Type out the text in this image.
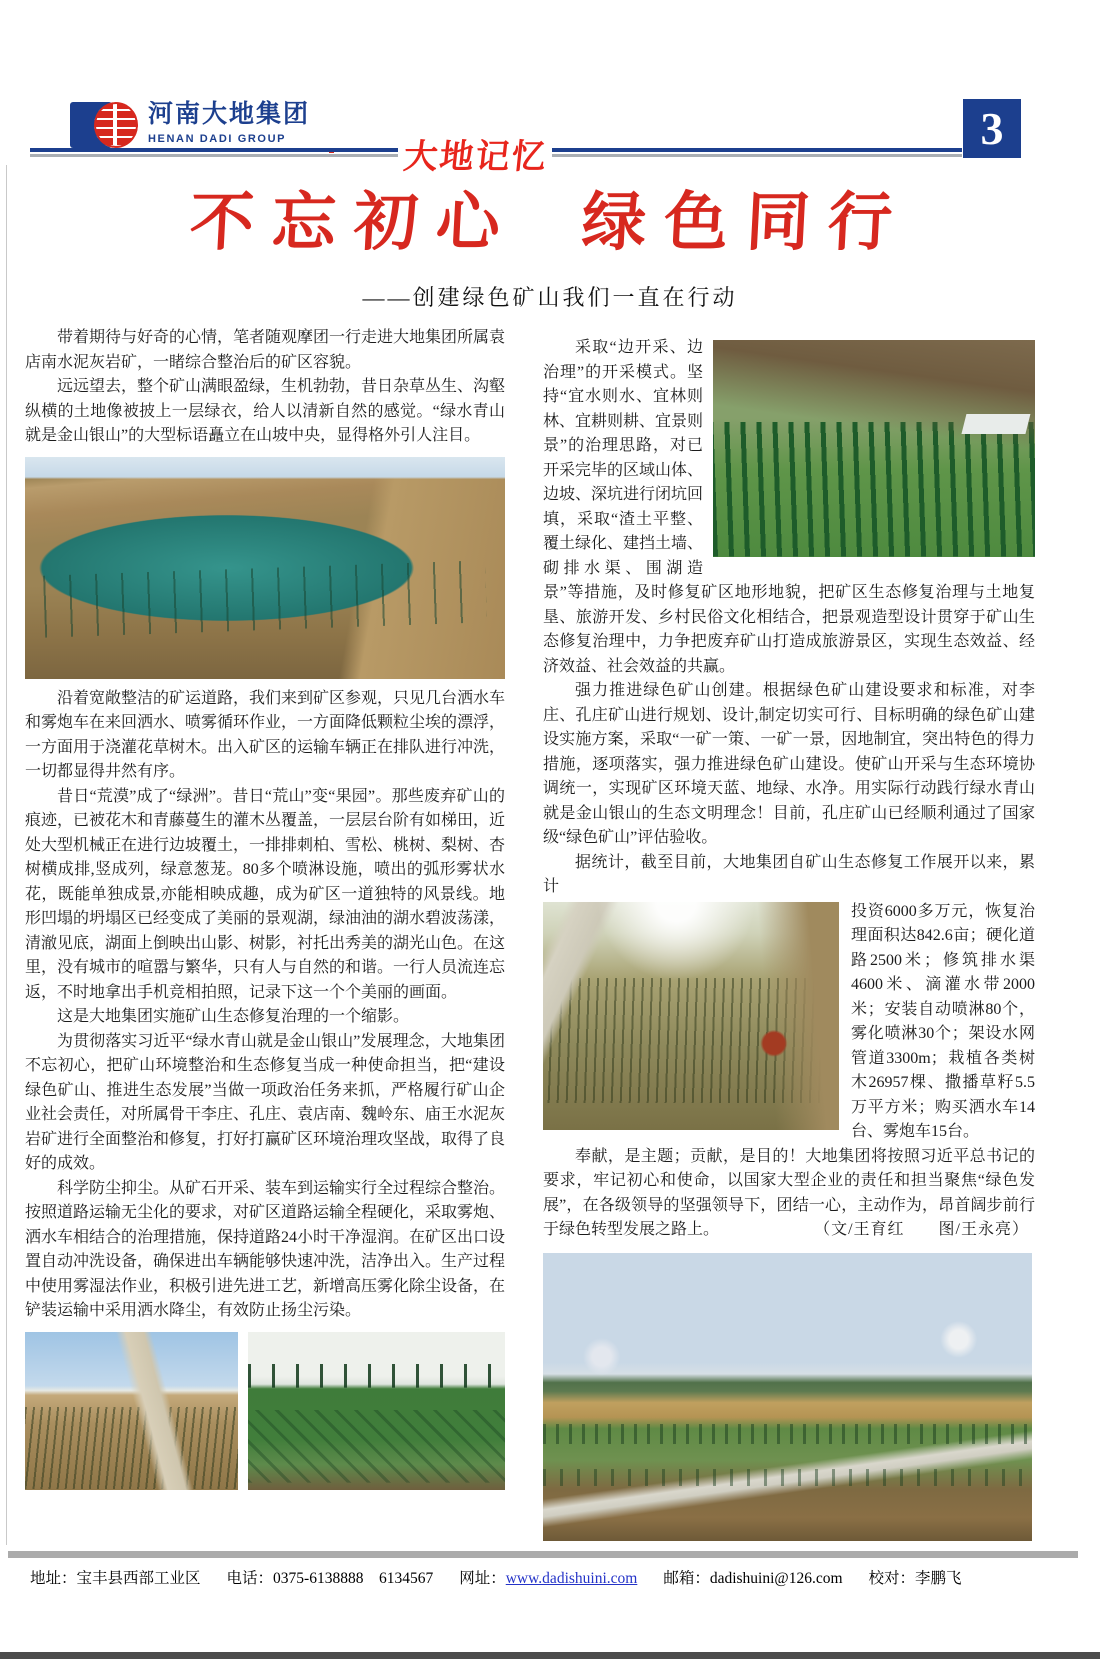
河南大地集团
HENAN DADI GROUP	大地记忆
3
不忘初心 绿色同行
——创建绿色矿山我们一直在行动

带着期待与好奇的心情，笔者随观摩团一行走进大地集团所属袁店南水泥灰岩矿，一睹综合整治后的矿区容貌。

远远望去，整个矿山满眼盈绿，生机勃勃，昔日杂草丛生、沟壑纵横的土地像被披上一层绿衣，给人以清新自然的感觉。“绿水青山就是金山银山”的大型标语矗立在山坡中央，显得格外引人注目。

沿着宽敞整洁的矿运道路，我们来到矿区参观，只见几台洒水车和雾炮车在来回洒水、喷雾循环作业，一方面降低颗粒尘埃的漂浮，一方面用于浇灌花草树木。出入矿区的运输车辆正在排队进行冲洗，一切都显得井然有序。

昔日“荒漠”成了“绿洲”。昔日“荒山”变“果园”。那些废弃矿山的痕迹，已被花木和青藤蔓生的灌木丛覆盖，一层层台阶有如梯田，近处大型机械正在进行边坡覆土，一排排刺柏、雪松、桃树、梨树、杏树横成排,竖成列，绿意葱茏。80多个喷淋设施，喷出的弧形雾状水花，既能单独成景,亦能相映成趣，成为矿区一道独特的风景线。地形凹塌的坍塌区已经变成了美丽的景观湖，绿油油的湖水碧波荡漾，清澈见底，湖面上倒映出山影、树影，衬托出秀美的湖光山色。在这里，没有城市的喧嚣与繁华，只有人与自然的和谐。一行人员流连忘返，不时地拿出手机竞相拍照，记录下这一个个美丽的画面。

这是大地集团实施矿山生态修复治理的一个缩影。

为贯彻落实习近平“绿水青山就是金山银山”发展理念，大地集团不忘初心，把矿山环境整治和生态修复当成一种使命担当，把“建设绿色矿山、推进生态发展”当做一项政治任务来抓，严格履行矿山企业社会责任，对所属骨干李庄、孔庄、袁店南、魏岭东、庙王水泥灰岩矿进行全面整治和修复，打好打赢矿区环境治理攻坚战，取得了良好的成效。

科学防尘抑尘。从矿石开采、装车到运输实行全过程综合整治。按照道路运输无尘化的要求，对矿区道路运输全程硬化，采取雾炮、洒水车相结合的治理措施，保持道路24小时干净湿润。在矿区出口设置自动冲洗设备，确保进出车辆能够快速冲洗，洁净出入。生产过程中使用雾湿法作业，积极引进先进工艺，新增高压雾化除尘设备，在铲装运输中采用洒水降尘，有效防止扬尘污染。

采取“边开采、边治理”的开采模式。坚持“宜水则水、宜林则林、宜耕则耕、宜景则景”的治理思路，对已开采完毕的区域山体、边坡、深坑进行闭坑回填，采取“渣土平整、覆土绿化、建挡土墙、砌排水渠、围湖造景”等措施，及时修复矿区地形地貌，把矿区生态修复治理与土地复垦、旅游开发、乡村民俗文化相结合，把景观造型设计贯穿于矿山生态修复治理中，力争把废弃矿山打造成旅游景区，实现生态效益、经济效益、社会效益的共赢。

强力推进绿色矿山创建。根据绿色矿山建设要求和标准，对李庄、孔庄矿山进行规划、设计,制定切实可行、目标明确的绿色矿山建设实施方案，采取“一矿一策、一矿一景，因地制宜，突出特色的得力措施，逐项落实，强力推进绿色矿山建设。使矿山开采与生态环境协调统一，实现矿区环境天蓝、地绿、水净。用实际行动践行绿水青山就是金山银山的生态文明理念！目前，孔庄矿山已经顺利通过了国家级“绿色矿山”评估验收。

据统计，截至目前，大地集团自矿山生态修复工作展开以来，累计

投资6000多万元，恢复治理面积达842.6亩；硬化道路2500米；修筑排水渠4600米、滴灌水带2000米；安装自动喷淋80个，雾化喷淋30个；架设水网管道3300m；栽植各类树木26957棵、撒播草籽5.5万平方米；购买洒水车14台、雾炮车15台。

奉献，是主题；贡献，是目的！大地集团将按照习近平总书记的要求，牢记初心和使命，以国家大型企业的责任和担当聚焦“绿色发展”，在各级领导的坚强领导下，团结一心，主动作为，昂首阔步前行于绿色转型发展之路上。	（文/王育红　　图/王永亮）
地址：宝丰县西部工业区 电话：0375-6138888　6134567 网址：www.dadishuini.com 邮箱：dadishuini@126.com 校对：李鹏飞
